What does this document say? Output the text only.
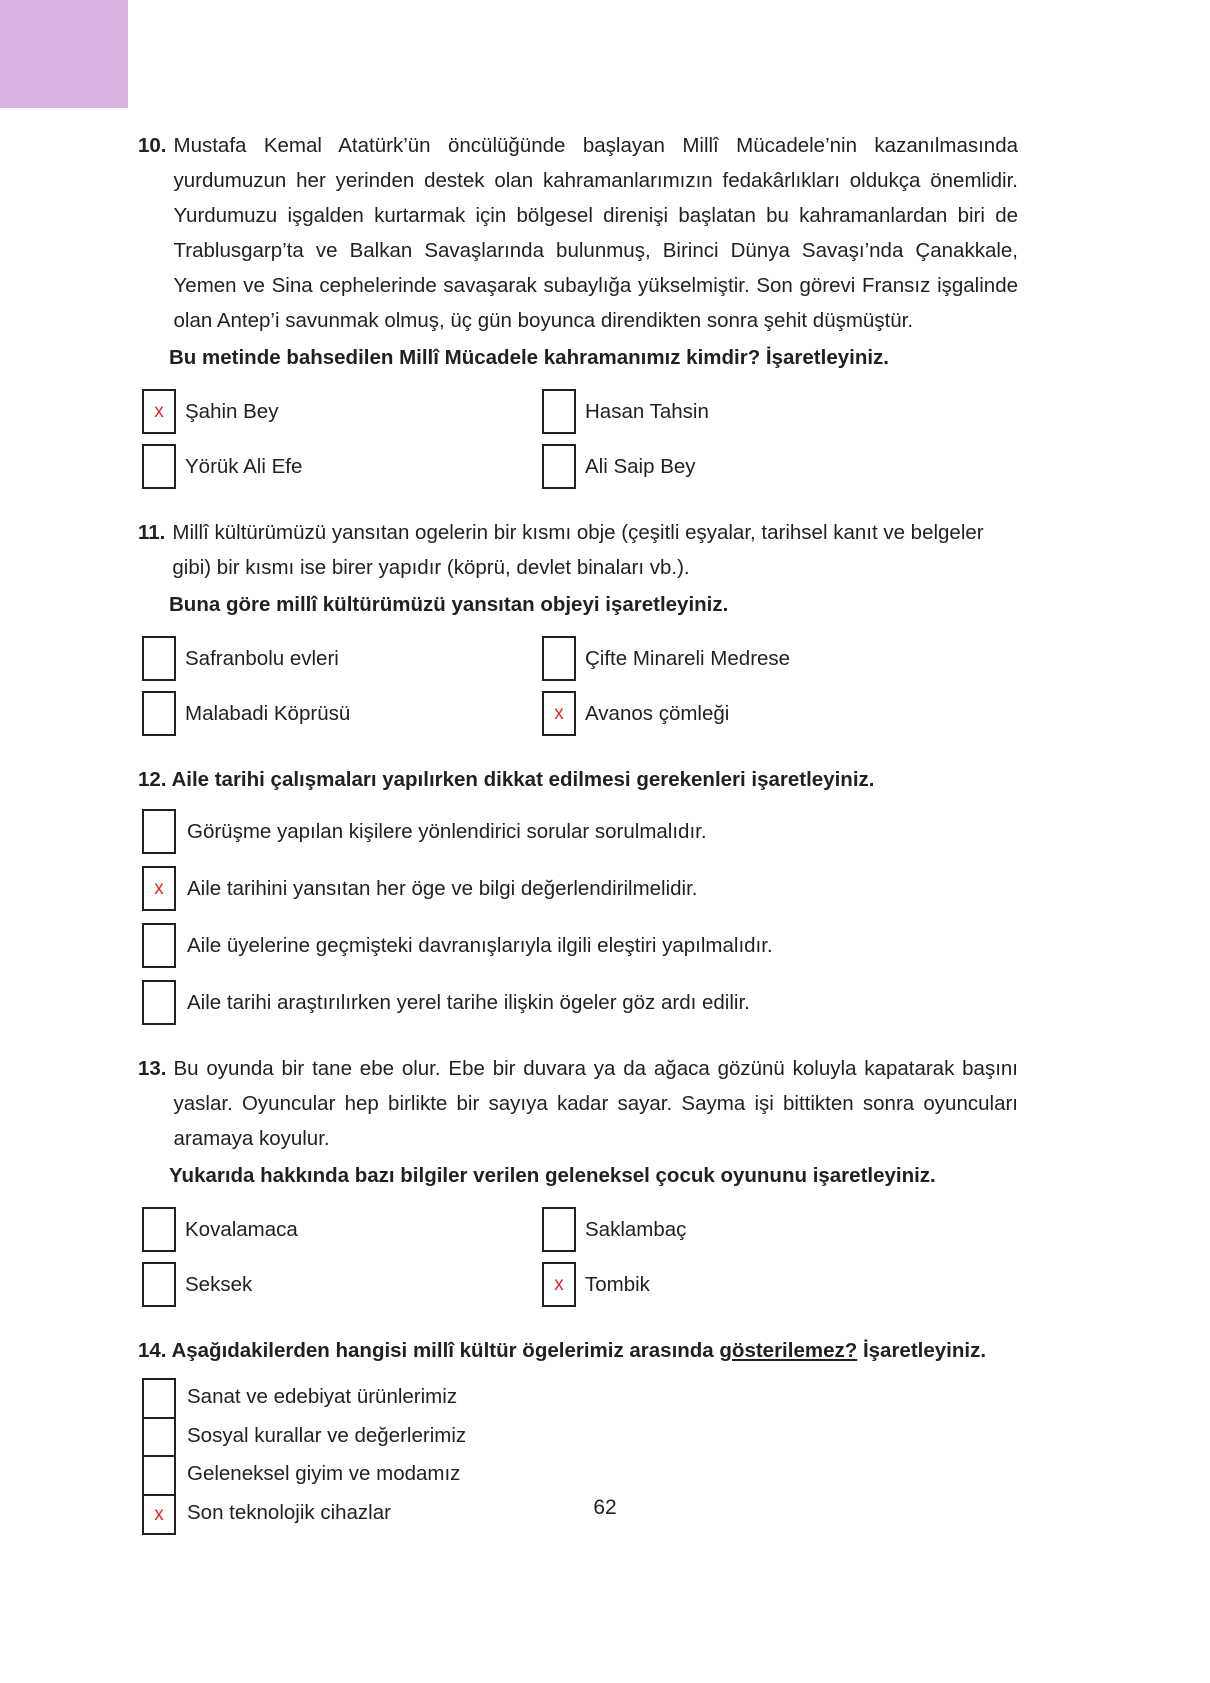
10. Mustafa Kemal Atatürk’ün öncülüğünde başlayan Millî Mücadele’nin kazanılmasında yurdumuzun her yerinden destek olan kahramanlarımızın fedakârlıkları oldukça önemlidir. Yurdumuzu işgalden kurtarmak için bölgesel direnişi başlatan bu kahramanlardan biri de Trablusgarp’ta ve Balkan Savaşlarında bulunmuş, Birinci Dünya Savaşı’nda Çanakkale, Yemen ve Sina cephelerinde savaşarak subaylığa yükselmiştir. Son görevi Fransız işgalinde olan Antep’i savunmak olmuş, üç gün boyunca direndikten sonra şehit düşmüştür.
Bu metinde bahsedilen Millî Mücadele kahramanımız kimdir? İşaretleyiniz.
x	Şahin Bey	Hasan Tahsin
Yörük Ali Efe	Ali Saip Bey
11. Millî kültürümüzü yansıtan ogelerin bir kısmı obje (çeşitli eşyalar, tarihsel kanıt ve belgeler gibi) bir kısmı ise birer yapıdır (köprü, devlet binaları vb.).
Buna göre millî kültürümüzü yansıtan objeyi işaretleyiniz.
Safranbolu evleri	Çifte Minareli Medrese
Malabadi Köprüsü	x	Avanos çömleği
12. Aile tarihi çalışmaları yapılırken dikkat edilmesi gerekenleri işaretleyiniz.
Görüşme yapılan kişilere yönlendirici sorular sorulmalıdır.
x	Aile tarihini yansıtan her öge ve bilgi değerlendirilmelidir.
Aile üyelerine geçmişteki davranışlarıyla ilgili eleştiri yapılmalıdır.
Aile tarihi araştırılırken yerel tarihe ilişkin ögeler göz ardı edilir.
13. Bu oyunda bir tane ebe olur. Ebe bir duvara ya da ağaca gözünü koluyla kapatarak başını yaslar. Oyuncular hep birlikte bir sayıya kadar sayar. Sayma işi bittikten sonra oyuncuları aramaya koyulur.
Yukarıda hakkında bazı bilgiler verilen geleneksel çocuk oyununu işaretleyiniz.
Kovalamaca	Saklambaç
Seksek	x	Tombik
14. Aşağıdakilerden hangisi millî kültür ögelerimiz arasında gösterilemez? İşaretleyiniz.
Sanat ve edebiyat ürünlerimiz
Sosyal kurallar ve değerlerimiz
Geleneksel giyim ve modamız
x	Son teknolojik cihazlar	62
